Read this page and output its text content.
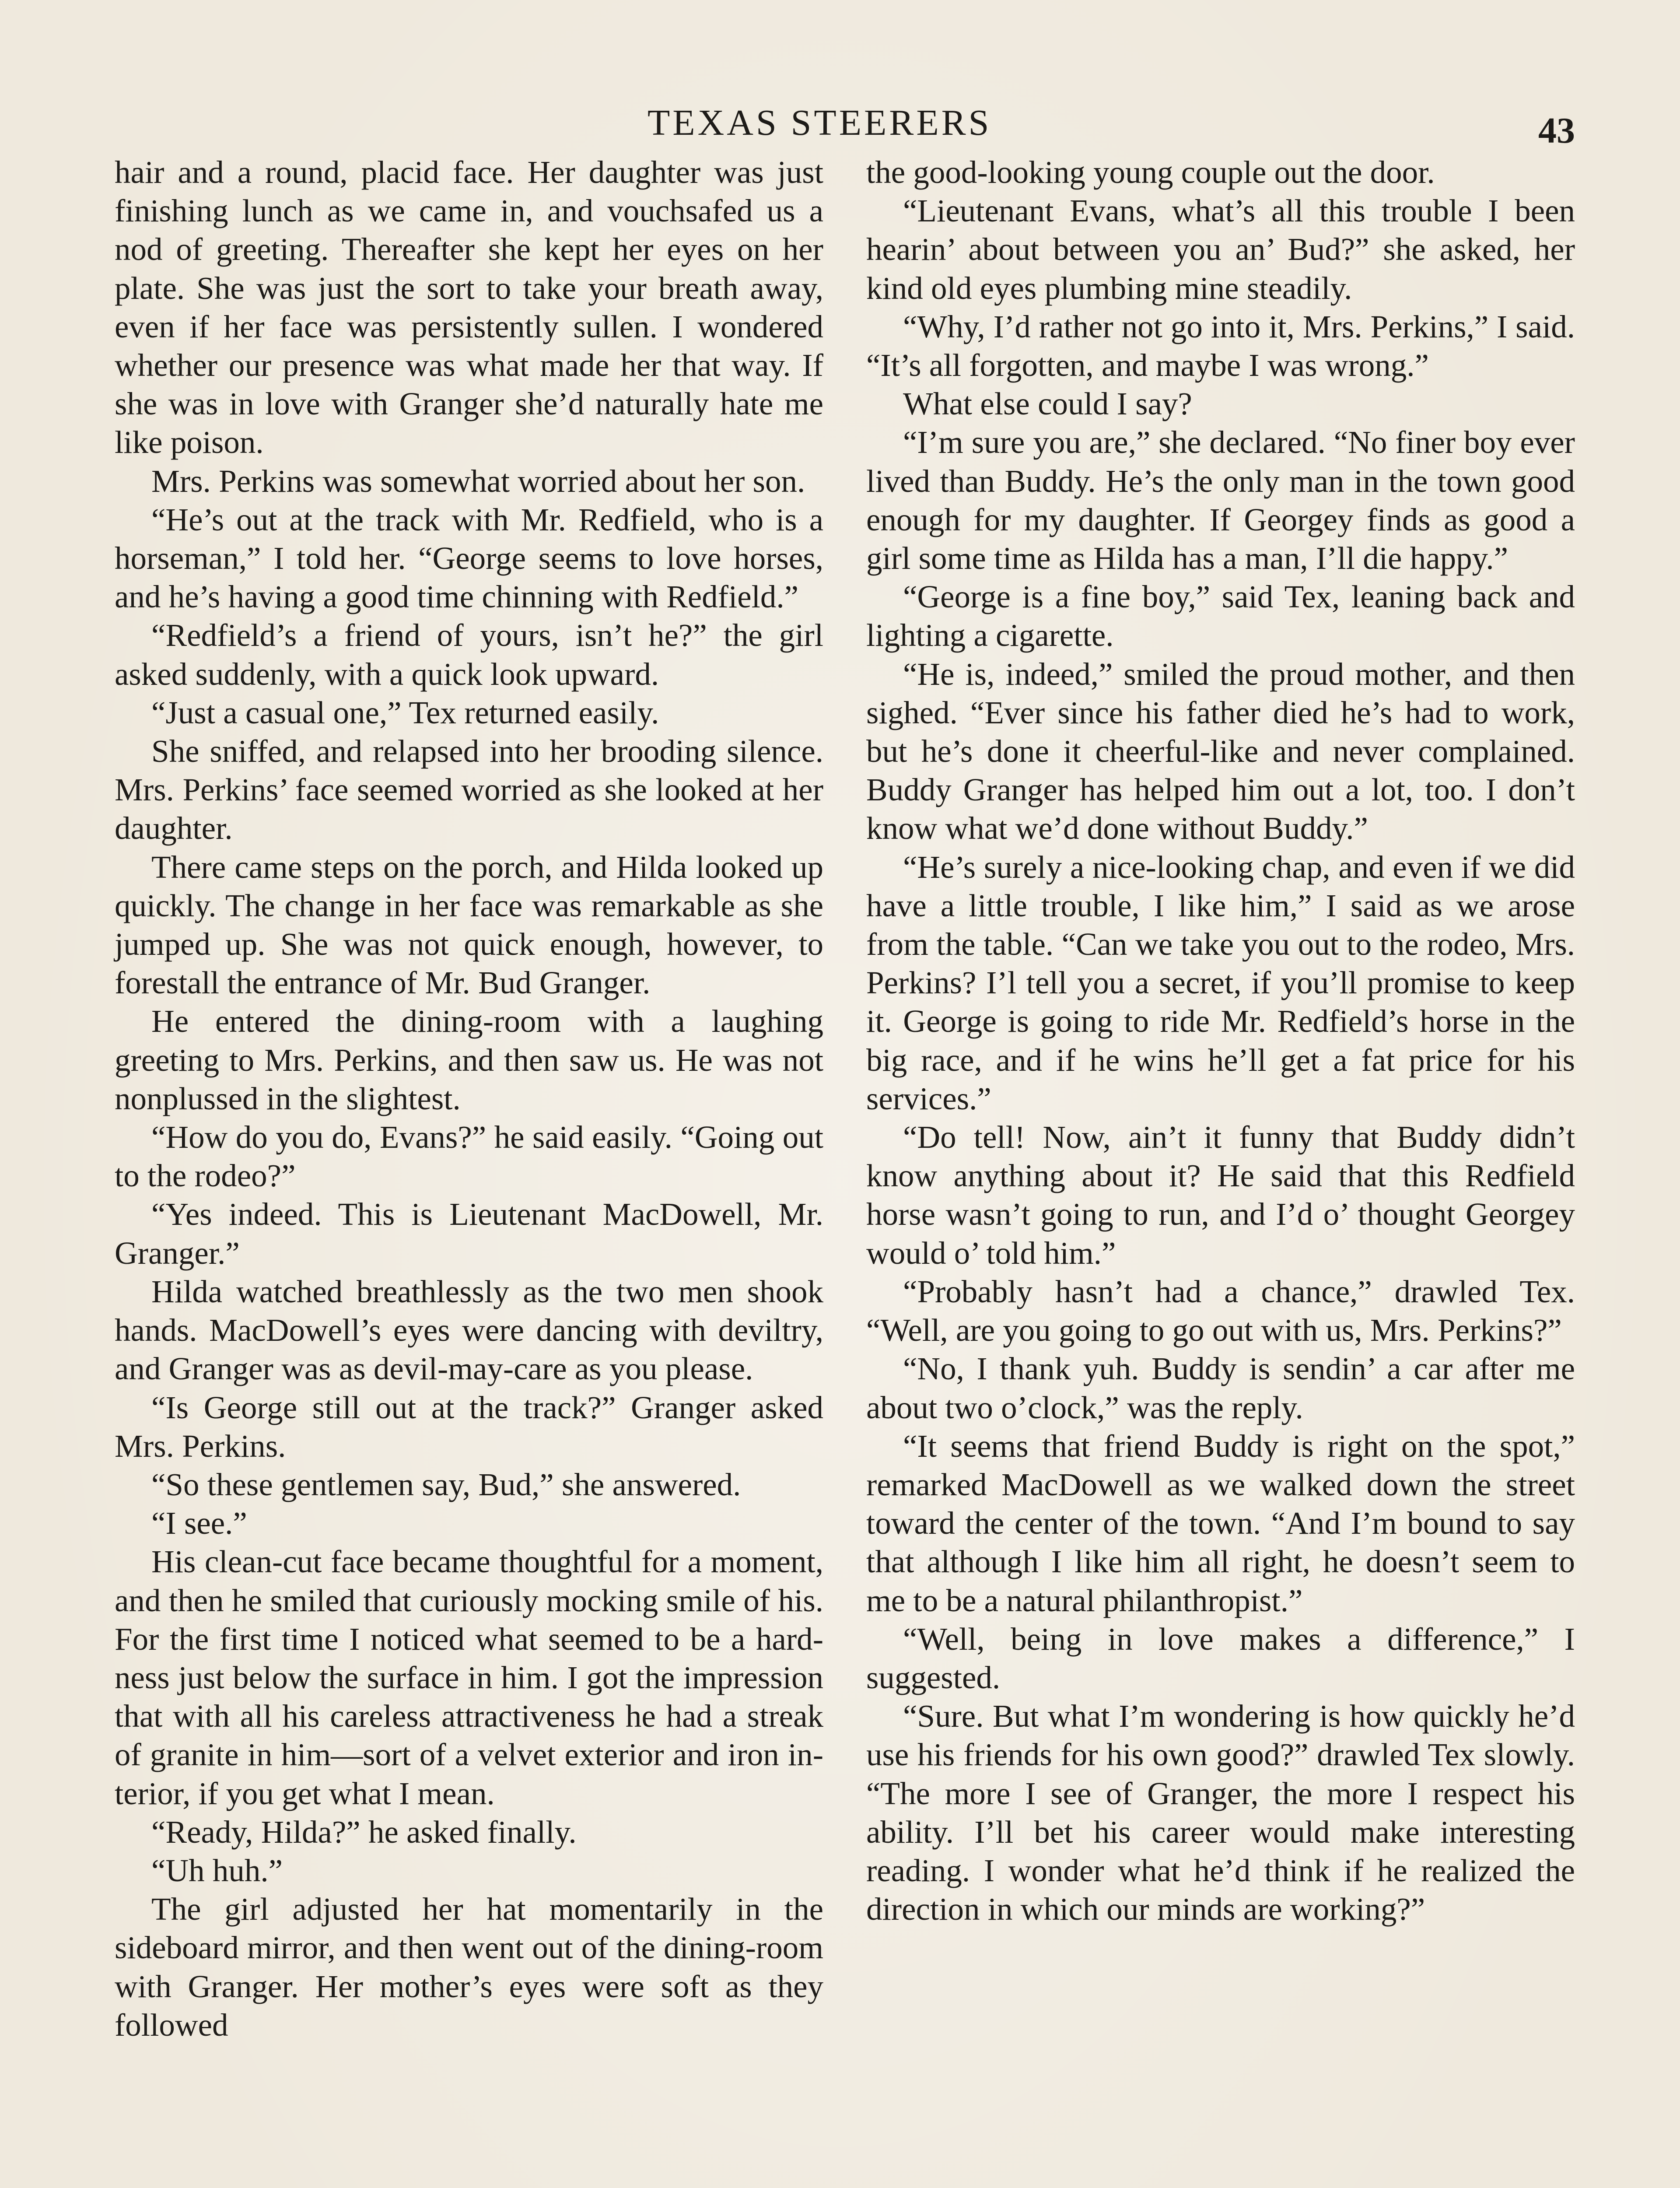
TEXAS STEERERS	43

hair and a round, placid face. Her daughter was just finishing lunch as we came in, and vouchsafed us a nod of greeting. Thereafter she kept her eyes on her plate. She was just the sort to take your breath away, even if her face was persistently sullen. I wondered whether our presence was what made her that way. If she was in love with Granger she’d naturally hate me like poison.

Mrs. Perkins was somewhat worried about her son.

“He’s out at the track with Mr. Redfield, who is a horseman,” I told her. “George seems to love horses, and he’s having a good time chinning with Redfield.”

“Redfield’s a friend of yours, isn’t he?” the girl asked suddenly, with a quick look upward.

“Just a casual one,” Tex returned easily.

She sniffed, and relapsed into her brooding silence. Mrs. Perkins’ face seemed worried as she looked at her daughter.

There came steps on the porch, and Hilda looked up quickly. The change in her face was remarkable as she jumped up. She was not quick enough, however, to forestall the entrance of Mr. Bud Granger.

He entered the dining-room with a laughing greeting to Mrs. Perkins, and then saw us. He was not nonplussed in the slightest.

“How do you do, Evans?” he said easily. “Going out to the rodeo?”

“Yes indeed. This is Lieutenant MacDowell, Mr. Granger.”

Hilda watched breathlessly as the two men shook hands. MacDowell’s eyes were dancing with deviltry, and Granger was as devil-may-care as you please.

“Is George still out at the track?” Granger asked Mrs. Perkins.

“So these gentlemen say, Bud,” she answered.

“I see.”

His clean-cut face became thoughtful for a moment, and then he smiled that curiously mocking smile of his. For the first time I noticed what seemed to be a hardness just below the surface in him. I got the impression that with all his careless attractiveness he had a streak of granite in him—sort of a velvet exterior and iron interior, if you get what I mean.

“Ready, Hilda?” he asked finally.

“Uh huh.”

The girl adjusted her hat momentarily in the sideboard mirror, and then went out of the dining-room with Granger. Her mother’s eyes were soft as they followed

the good-looking young couple out the door.

“Lieutenant Evans, what’s all this trouble I been hearin’ about between you an’ Bud?” she asked, her kind old eyes plumbing mine steadily.

“Why, I’d rather not go into it, Mrs. Perkins,” I said. “It’s all forgotten, and maybe I was wrong.”

What else could I say?

“I’m sure you are,” she declared. “No finer boy ever lived than Buddy. He’s the only man in the town good enough for my daughter. If Georgey finds as good a girl some time as Hilda has a man, I’ll die happy.”

“George is a fine boy,” said Tex, leaning back and lighting a cigarette.

“He is, indeed,” smiled the proud mother, and then sighed. “Ever since his father died he’s had to work, but he’s done it cheerful-like and never complained. Buddy Granger has helped him out a lot, too. I don’t know what we’d done without Buddy.”

“He’s surely a nice-looking chap, and even if we did have a little trouble, I like him,” I said as we arose from the table. “Can we take you out to the rodeo, Mrs. Perkins? I’l tell you a secret, if you’ll promise to keep it. George is going to ride Mr. Redfield’s horse in the big race, and if he wins he’ll get a fat price for his services.”

“Do tell! Now, ain’t it funny that Buddy didn’t know anything about it? He said that this Redfield horse wasn’t going to run, and I’d o’ thought Georgey would o’ told him.”

“Probably hasn’t had a chance,” drawled Tex. “Well, are you going to go out with us, Mrs. Perkins?”

“No, I thank yuh. Buddy is sendin’ a car after me about two o’clock,” was the reply.

“It seems that friend Buddy is right on the spot,” remarked MacDowell as we walked down the street toward the center of the town. “And I’m bound to say that although I like him all right, he doesn’t seem to me to be a natural philanthropist.”

“Well, being in love makes a difference,” I suggested.

“Sure. But what I’m wondering is how quickly he’d use his friends for his own good?” drawled Tex slowly. “The more I see of Granger, the more I respect his ability. I’ll bet his career would make interesting reading. I wonder what he’d think if he realized the direction in which our minds are working?”
